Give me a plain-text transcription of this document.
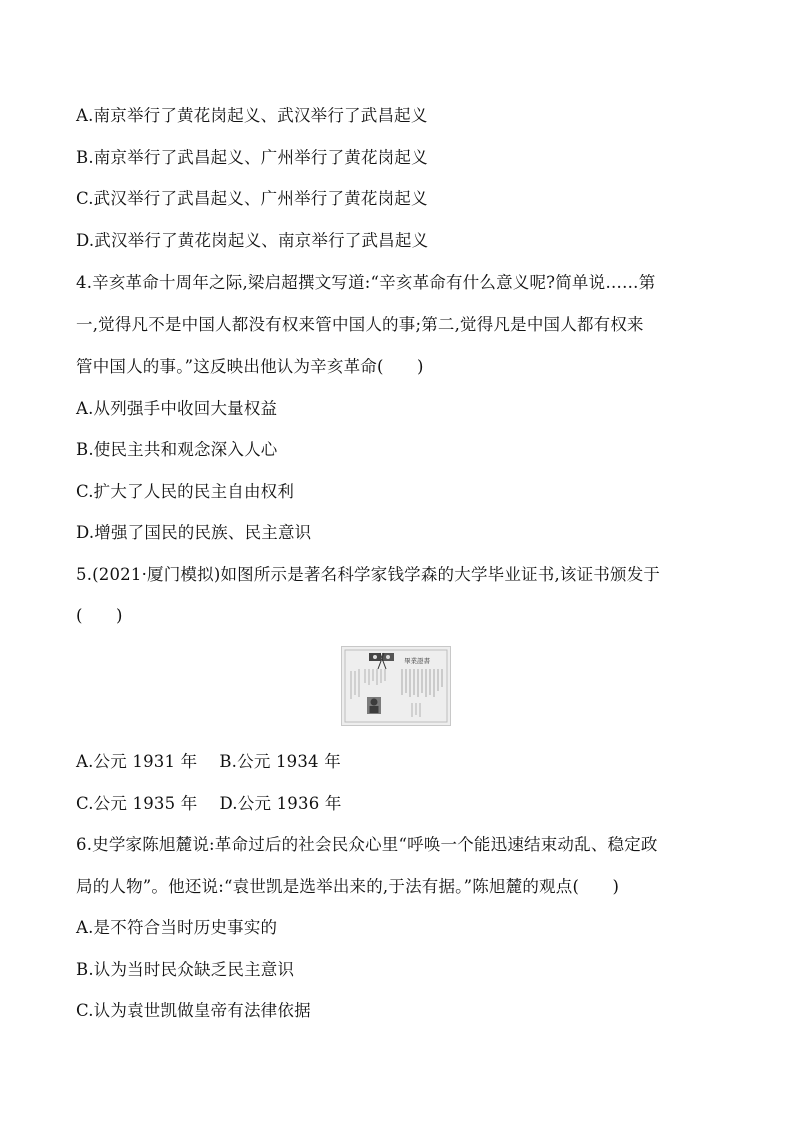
A.南京举行了黄花岗起义、武汉举行了武昌起义
B.南京举行了武昌起义、广州举行了黄花岗起义
C.武汉举行了武昌起义、广州举行了黄花岗起义
D.武汉举行了黄花岗起义、南京举行了武昌起义
4.辛亥革命十周年之际,梁启超撰文写道:“辛亥革命有什么意义呢?简单说……第
一,觉得凡不是中国人都没有权来管中国人的事;第二,觉得凡是中国人都有权来
管中国人的事。”这反映出他认为辛亥革命(　　)
A.从列强手中收回大量权益
B.使民主共和观念深入人心
C.扩大了人民的民主自由权利
D.增强了国民的民族、民主意识
5.(2021·厦门模拟)如图所示是著名科学家钱学森的大学毕业证书,该证书颁发于
(　　)
畢業證書
A.公元 1931 年 B.公元 1934 年
C.公元 1935 年 D.公元 1936 年
6.史学家陈旭麓说:革命过后的社会民众心里“呼唤一个能迅速结束动乱、稳定政
局的人物”。他还说:“袁世凯是选举出来的,于法有据。”陈旭麓的观点(　　)
A.是不符合当时历史事实的
B.认为当时民众缺乏民主意识
C.认为袁世凯做皇帝有法律依据
